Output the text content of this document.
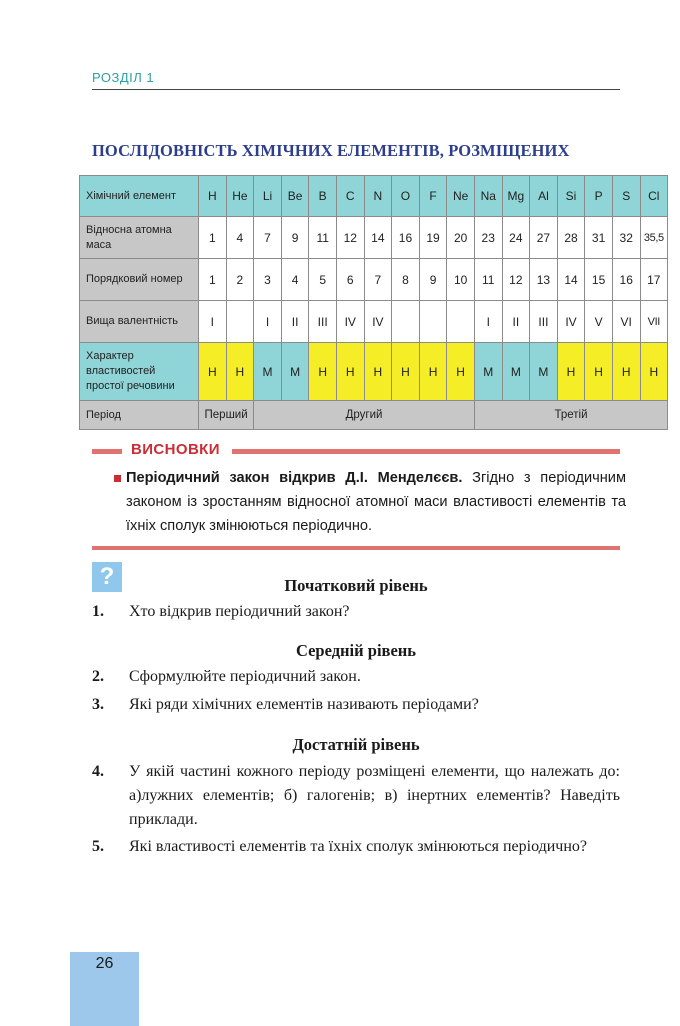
РОЗДІЛ 1
ПОСЛІДОВНІСТЬ ХІМІЧНИХ ЕЛЕМЕНТІВ, РОЗМІЩЕНИХ
Хімічний елемент	H	He	Li	Be	B	C	N	O	F	Ne	Na	Mg	Al	Si	P	S	Cl
Відносна атомна маса	1	4	7	9	11	12	14	16	19	20	23	24	27	28	31	32	35,5
Порядковий номер	1	2	3	4	5	6	7	8	9	10	11	12	13	14	15	16	17
Вища валентність	I		I	II	III	IV	IV				I	II	III	IV	V	VI	VII
Характер властивостей простої речовини	Н	Н	М	М	Н	Н	Н	Н	Н	Н	М	М	М	Н	Н	Н	Н
Період	Перший		Другий								Третій						
ВИСНОВКИ
Періодичний закон відкрив Д.І. Менделєєв. Згідно з періодичним законом із зростанням відносної атомної маси властивості елементів та їхніх сполук змінюються періодично.
?	Початковий рівень
1. Хто відкрив періодичний закон?
Середній рівень
2. Сформулюйте періодичний закон.
3. Які ряди хімічних елементів називають періодами?
Достатній рівень
4. У якій частині кожного періоду розміщені елементи, що належать до: а)лужних елементів; б) галогенів; в) інертних елементів? Наведіть приклади.
5. Які властивості елементів та їхніх сполук змінюються періодично?
26
